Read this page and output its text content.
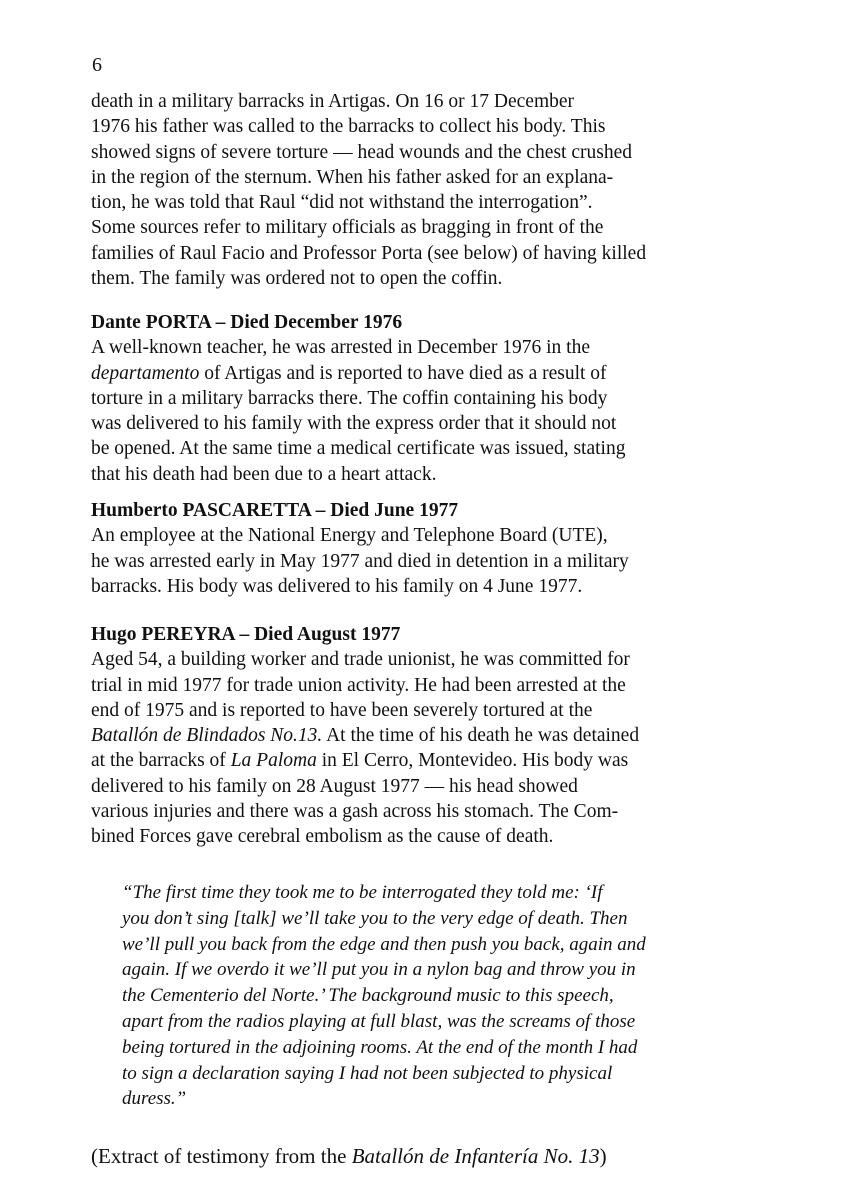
6
death in a military barracks in Artigas. On 16 or 17 December
1976 his father was called to the barracks to collect his body. This
showed signs of severe torture — head wounds and the chest crushed
in the region of the sternum. When his father asked for an explana-
tion, he was told that Raul “did not withstand the interrogation”.
Some sources refer to military officials as bragging in front of the
families of Raul Facio and Professor Porta (see below) of having killed
them. The family was ordered not to open the coffin.
Dante PORTA – Died December 1976
A well-known teacher, he was arrested in December 1976 in the
departamento of Artigas and is reported to have died as a result of
torture in a military barracks there. The coffin containing his body
was delivered to his family with the express order that it should not
be opened. At the same time a medical certificate was issued, stating
that his death had been due to a heart attack.
Humberto PASCARETTA – Died June 1977
An employee at the National Energy and Telephone Board (UTE),
he was arrested early in May 1977 and died in detention in a military
barracks. His body was delivered to his family on 4 June 1977.
Hugo PEREYRA – Died August 1977
Aged 54, a building worker and trade unionist, he was committed for
trial in mid 1977 for trade union activity. He had been arrested at the
end of 1975 and is reported to have been severely tortured at the
Batallón de Blindados No.13. At the time of his death he was detained
at the barracks of La Paloma in El Cerro, Montevideo. His body was
delivered to his family on 28 August 1977 — his head showed
various injuries and there was a gash across his stomach. The Com-
bined Forces gave cerebral embolism as the cause of death.
“The first time they took me to be interrogated they told me: ‘If
you don’t sing [talk] we’ll take you to the very edge of death. Then
we’ll pull you back from the edge and then push you back, again and
again. If we overdo it we’ll put you in a nylon bag and throw you in
the Cementerio del Norte.’ The background music to this speech,
apart from the radios playing at full blast, was the screams of those
being tortured in the adjoining rooms. At the end of the month I had
to sign a declaration saying I had not been subjected to physical
duress.”
(Extract of testimony from the Batallón de Infantería No. 13)
